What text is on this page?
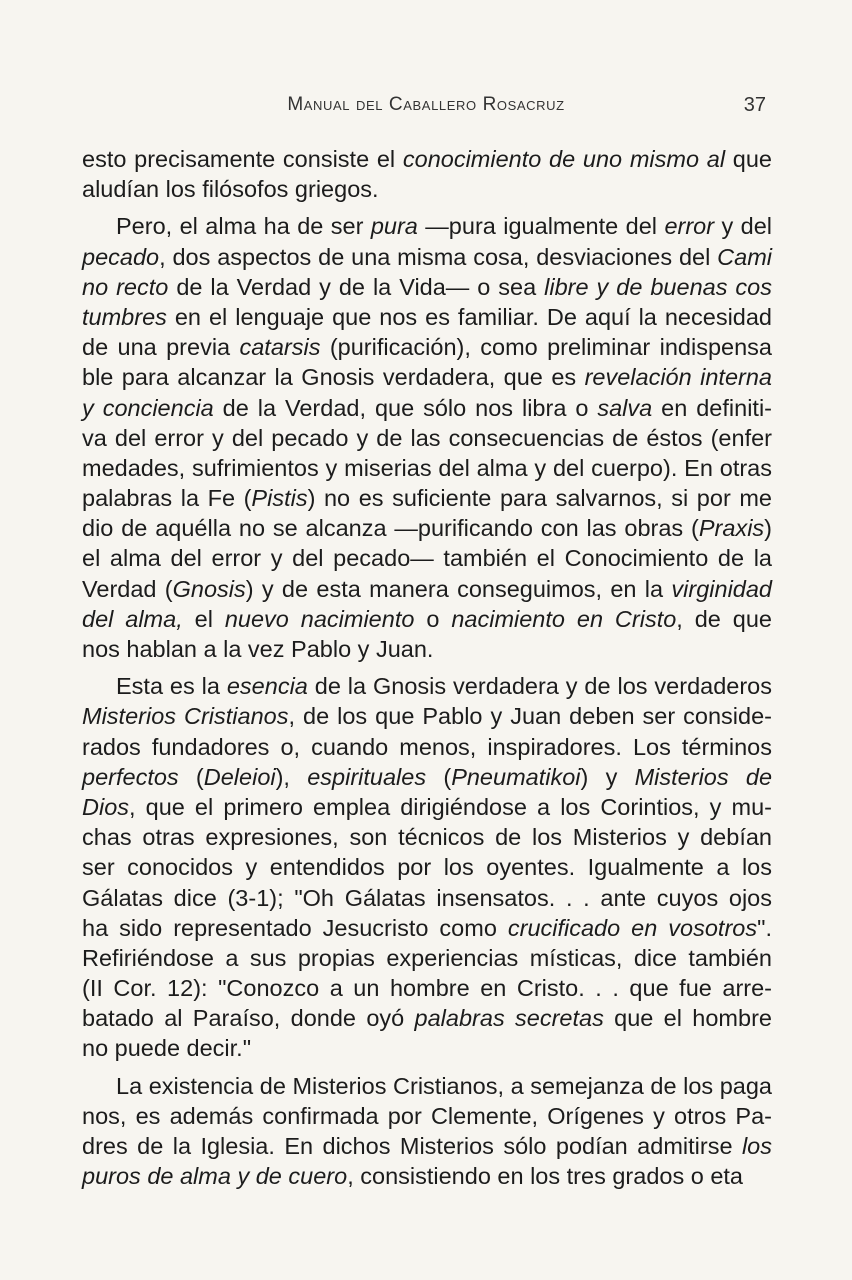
Manual del Caballero Rosacruz	37
esto precisamente consiste el conocimiento de uno mismo al que
aludían los filósofos griegos.
Pero, el alma ha de ser pura —pura igualmente del error y del
pecado, dos aspectos de una misma cosa, desviaciones del Cami
no recto de la Verdad y de la Vida— o sea libre y de buenas cos
tumbres en el lenguaje que nos es familiar. De aquí la necesidad
de una previa catarsis (purificación), como preliminar indispensa
ble para alcanzar la Gnosis verdadera, que es revelación interna
y conciencia de la Verdad, que sólo nos libra o salva en definiti-
va del error y del pecado y de las consecuencias de éstos (enfer
medades, sufrimientos y miserias del alma y del cuerpo). En otras
palabras la Fe (Pistis) no es suficiente para salvarnos, si por me
dio de aquélla no se alcanza —purificando con las obras (Praxis)
el alma del error y del pecado— también el Conocimiento de la
Verdad (Gnosis) y de esta manera conseguimos, en la virginidad
del alma, el nuevo nacimiento o nacimiento en Cristo, de que
nos hablan a la vez Pablo y Juan.
Esta es la esencia de la Gnosis verdadera y de los verdaderos
Misterios Cristianos, de los que Pablo y Juan deben ser conside-
rados fundadores o, cuando menos, inspiradores. Los términos
perfectos (Deleioi), espirituales (Pneumatikoi) y Misterios de
Dios, que el primero emplea dirigiéndose a los Corintios, y mu-
chas otras expresiones, son técnicos de los Misterios y debían
ser conocidos y entendidos por los oyentes. Igualmente a los
Gálatas dice (3-1); "Oh Gálatas insensatos. . . ante cuyos ojos
ha sido representado Jesucristo como crucificado en vosotros".
Refiriéndose a sus propias experiencias místicas, dice también
(II Cor. 12): "Conozco a un hombre en Cristo. . . que fue arre-
batado al Paraíso, donde oyó palabras secretas que el hombre
no puede decir."
La existencia de Misterios Cristianos, a semejanza de los paga
nos, es además confirmada por Clemente, Orígenes y otros Pa-
dres de la Iglesia. En dichos Misterios sólo podían admitirse los
puros de alma y de cuero, consistiendo en los tres grados o eta
